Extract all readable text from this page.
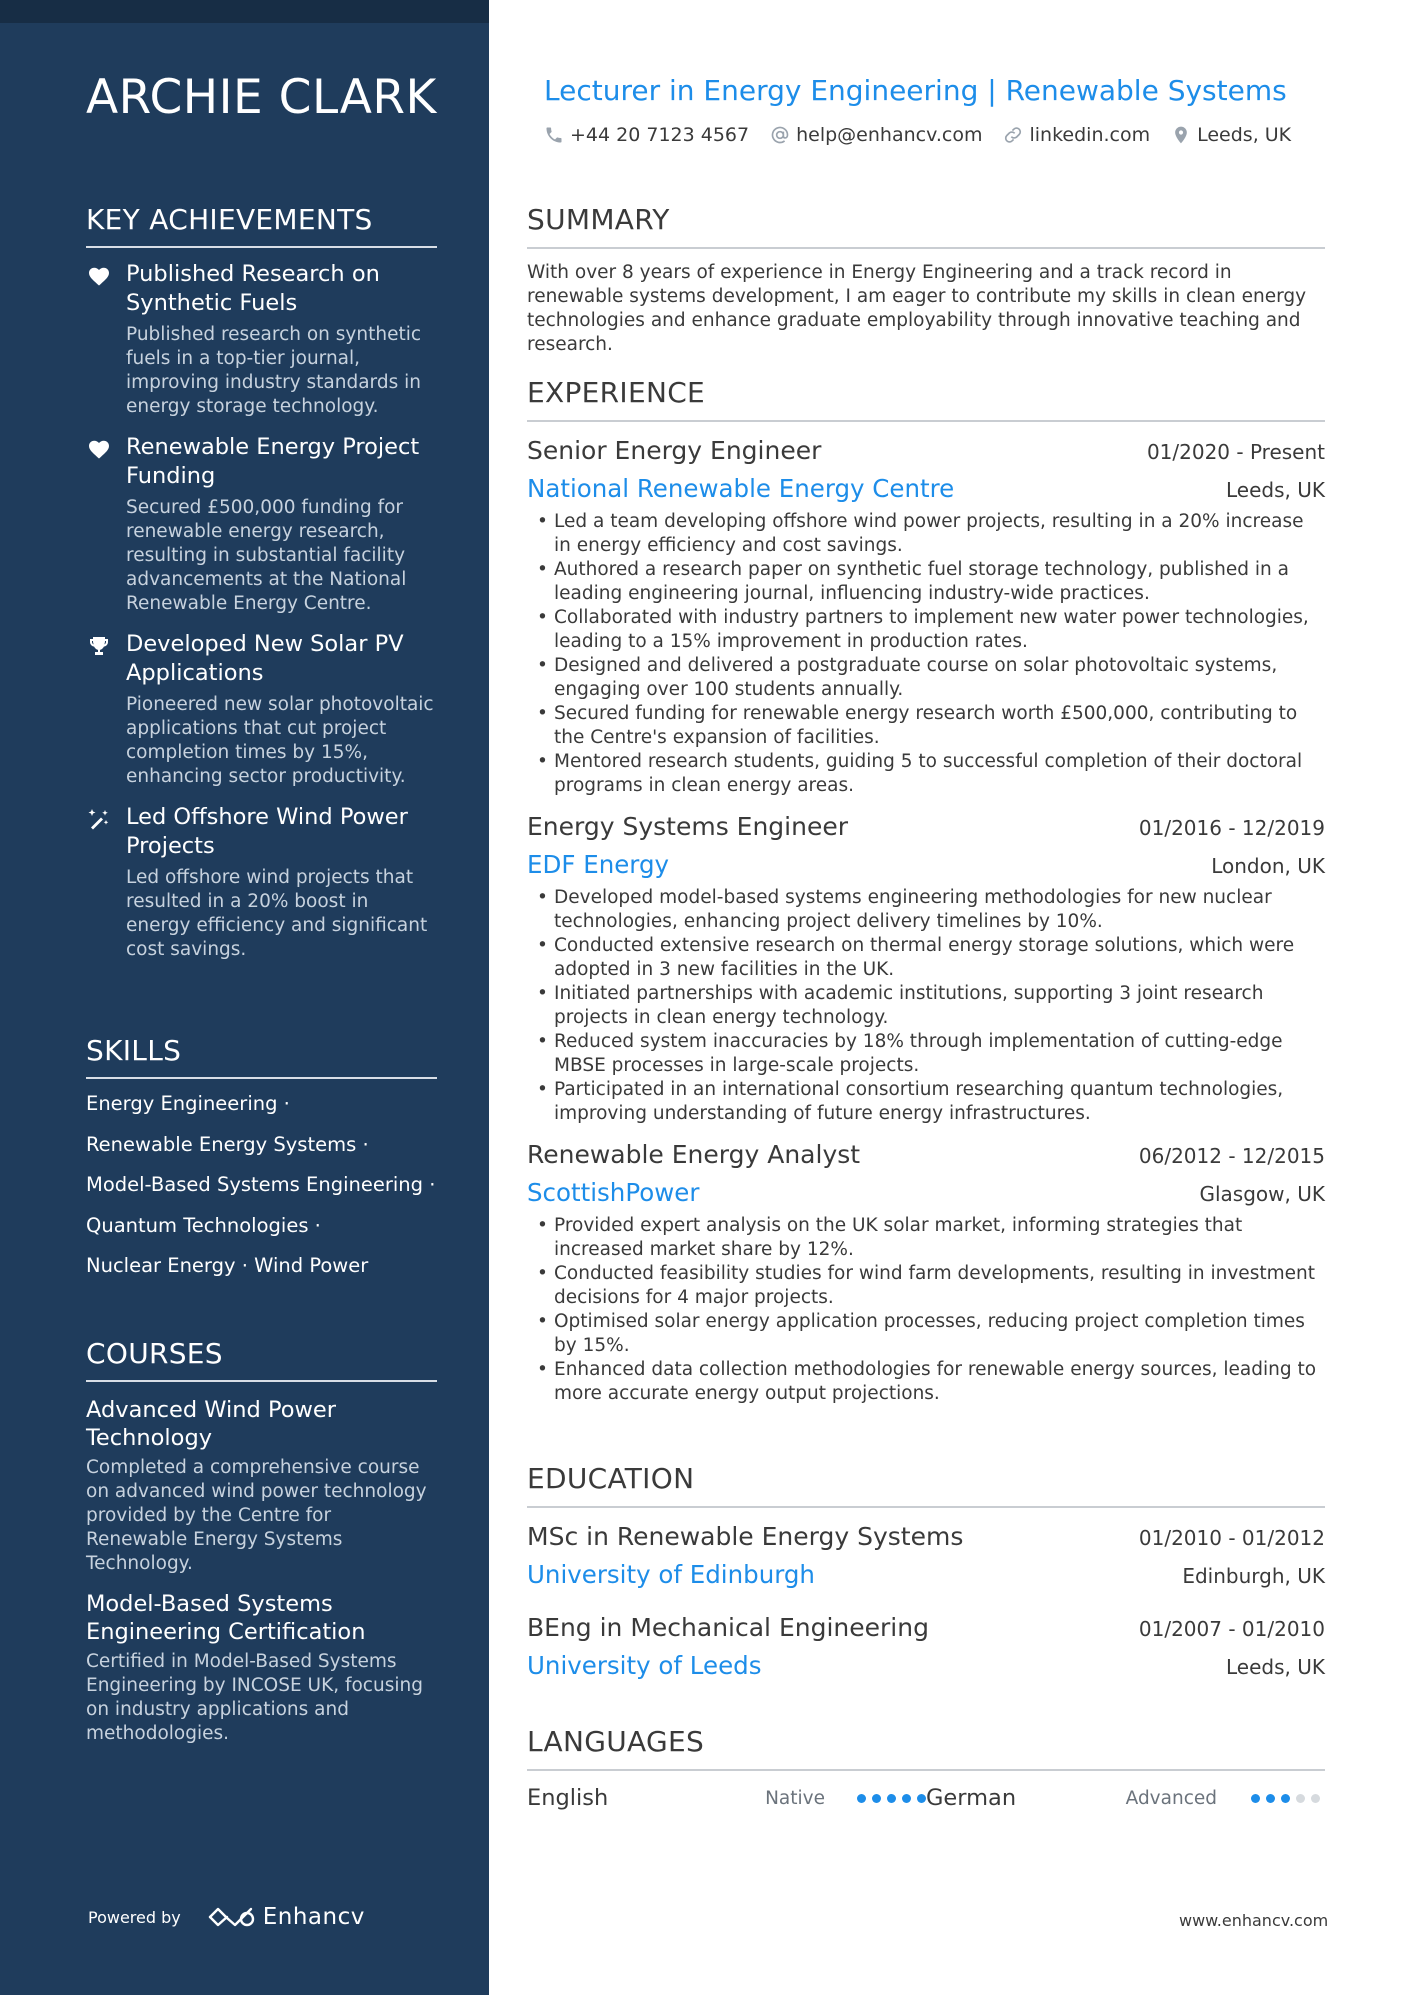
ARCHIE CLARK
KEY ACHIEVEMENTS
Published Research on Synthetic Fuels
Published research on synthetic fuels in a top-tier journal, improving industry standards in energy storage technology.
Renewable Energy Project Funding
Secured £500,000 funding for renewable energy research, resulting in substantial facility advancements at the National Renewable Energy Centre.
Developed New Solar PV Applications
Pioneered new solar photovoltaic applications that cut project completion times by 15%, enhancing sector productivity.
Led Offshore Wind Power Projects
Led offshore wind projects that resulted in a 20% boost in energy efficiency and significant cost savings.
SKILLS
Energy Engineering ·
Renewable Energy Systems ·
Model-Based Systems Engineering ·
Quantum Technologies ·
Nuclear Energy · Wind Power
COURSES
Advanced Wind Power Technology
Completed a comprehensive course on advanced wind power technology provided by the Centre for Renewable Energy Systems Technology.
Model-Based Systems Engineering Certification
Certified in Model-Based Systems Engineering by INCOSE UK, focusing on industry applications and methodologies.
Powered by	Enhancv
Lecturer in Energy Engineering | Renewable Systems
+44 20 7123 4567 help@enhancv.com linkedin.com Leeds, UK
SUMMARY

With over 8 years of experience in Energy Engineering and a track record in renewable systems development, I am eager to contribute my skills in clean energy technologies and enhance graduate employability through innovative teaching and research.

EXPERIENCE
Senior Energy Engineer	01/2020 - Present
National Renewable Energy Centre	Leeds, UK
• Led a team developing offshore wind power projects, resulting in a 20% increase in energy efficiency and cost savings.
• Authored a research paper on synthetic fuel storage technology, published in a leading engineering journal, influencing industry-wide practices.
• Collaborated with industry partners to implement new water power technologies, leading to a 15% improvement in production rates.
• Designed and delivered a postgraduate course on solar photovoltaic systems, engaging over 100 students annually.
• Secured funding for renewable energy research worth £500,000, contributing to the Centre's expansion of facilities.
• Mentored research students, guiding 5 to successful completion of their doctoral programs in clean energy areas.
Energy Systems Engineer	01/2016 - 12/2019
EDF Energy	London, UK
• Developed model-based systems engineering methodologies for new nuclear technologies, enhancing project delivery timelines by 10%.
• Conducted extensive research on thermal energy storage solutions, which were adopted in 3 new facilities in the UK.
• Initiated partnerships with academic institutions, supporting 3 joint research projects in clean energy technology.
• Reduced system inaccuracies by 18% through implementation of cutting-edge MBSE processes in large-scale projects.
• Participated in an international consortium researching quantum technologies, improving understanding of future energy infrastructures.
Renewable Energy Analyst	06/2012 - 12/2015
ScottishPower	Glasgow, UK
• Provided expert analysis on the UK solar market, informing strategies that increased market share by 12%.
• Conducted feasibility studies for wind farm developments, resulting in investment decisions for 4 major projects.
• Optimised solar energy application processes, reducing project completion times by 15%.
• Enhanced data collection methodologies for renewable energy sources, leading to more accurate energy output projections.
EDUCATION
MSc in Renewable Energy Systems	01/2010 - 01/2012
University of Edinburgh	Edinburgh, UK
BEng in Mechanical Engineering	01/2007 - 01/2010
University of Leeds	Leeds, UK
LANGUAGES
English	Native	German	Advanced
www.enhancv.com
